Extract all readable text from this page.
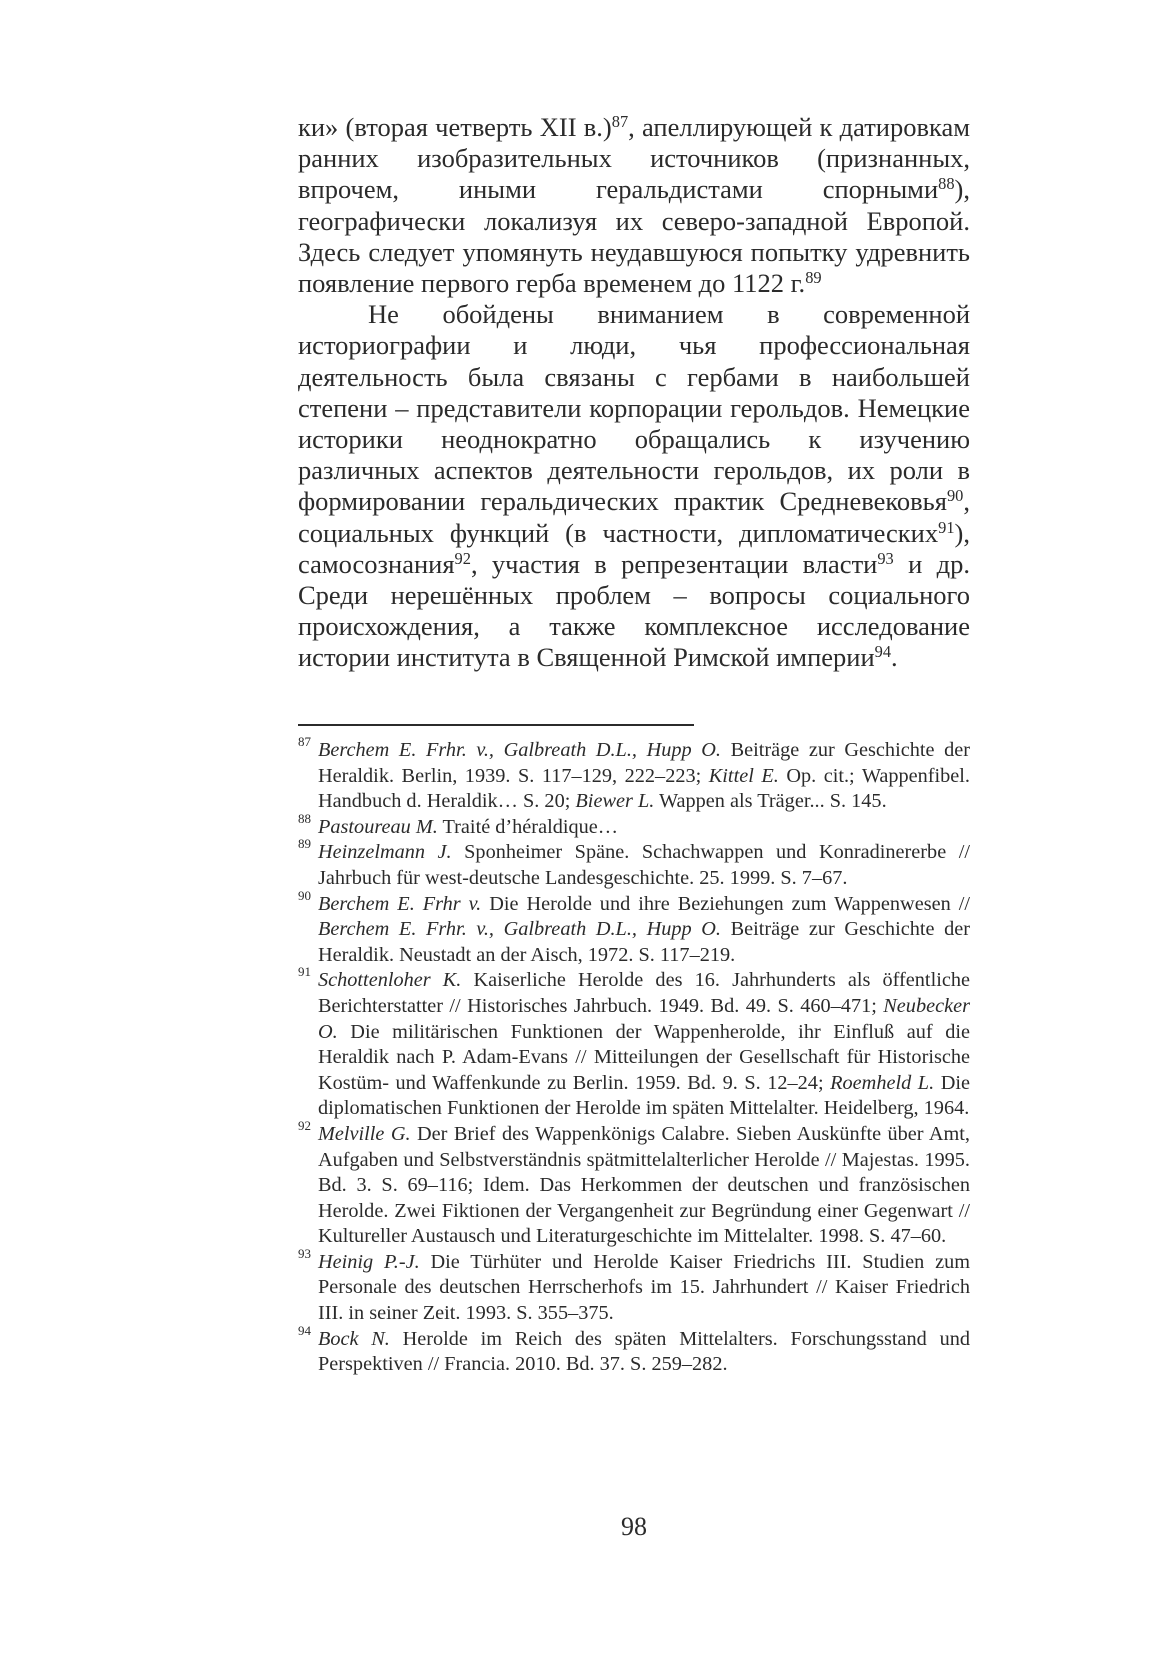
ки» (вторая четверть XII в.)$^{87}$, апеллирующей к датировкам ранних изобразительных источников (признанных, впрочем, иными геральдистами спорными$^{88}$), географически локализуя их северо-западной Европой. Здесь следует упомянуть неудавшуюся попытку удревнить появление первого герба временем до 1122 г.$^{89}$

Не обойдены вниманием в современной историографии и люди, чья профессиональная деятельность была связаны с гербами в наибольшей степени – представители корпорации герольдов. Немецкие историки неоднократно обращались к изучению различных аспектов деятельности герольдов, их роли в формировании геральдических практик Средневековья$^{90}$, социальных функций (в частности, дипломатических$^{91}$), самосознания$^{92}$, участия в репрезентации власти$^{93}$ и др. Среди нерешённых проблем – вопросы социального происхождения, а также комплексное исследование истории института в Священной Римской империи$^{94}$.

87 Berchem E. Frhr. v., Galbreath D.L., Hupp O. Beiträge zur Geschichte der Heraldik. Berlin, 1939. S. 117–129, 222–223; Kittel E. Op. cit.; Wappenfibel. Handbuch d. Heraldik… S. 20; Biewer L. Wappen als Träger... S. 145.
88 Pastoureau M. Traité d’héraldique…
89 Heinzelmann J. Sponheimer Späne. Schachwappen und Konradinererbe // Jahrbuch für west-deutsche Landesgeschichte. 25. 1999. S. 7–67.
90 Berchem E. Frhr v. Die Herolde und ihre Beziehungen zum Wappenwesen // Berchem E. Frhr. v., Galbreath D.L., Hupp O. Beiträge zur Geschichte der Heraldik. Neustadt an der Aisch, 1972. S. 117–219.
91 Schottenloher K. Kaiserliche Herolde des 16. Jahrhunderts als öffentliche Berichterstatter // Historisches Jahrbuch. 1949. Bd. 49. S. 460–471; Neubecker O. Die militärischen Funktionen der Wappenherolde, ihr Einfluß auf die Heraldik nach P. Adam-Evans // Mitteilungen der Gesellschaft für Historische Kostüm- und Waffenkunde zu Berlin. 1959. Bd. 9. S. 12–24; Roemheld L. Die diplomatischen Funktionen der Herolde im späten Mittelalter. Heidelberg, 1964.
92 Melville G. Der Brief des Wappenkönigs Calabre. Sieben Auskünfte über Amt, Aufgaben und Selbstverständnis spätmittelalterlicher Herolde // Majestas. 1995. Bd. 3. S. 69–116; Idem. Das Herkommen der deutschen und französischen Herolde. Zwei Fiktionen der Vergangenheit zur Begründung einer Gegenwart // Kultureller Austausch und Literaturgeschichte im Mittelalter. 1998. S. 47–60.
93 Heinig P.-J. Die Türhüter und Herolde Kaiser Friedrichs III. Studien zum Personale des deutschen Herrscherhofs im 15. Jahrhundert // Kaiser Friedrich III. in seiner Zeit. 1993. S. 355–375.
94 Bock N. Herolde im Reich des späten Mittelalters. Forschungsstand und Perspektiven // Francia. 2010. Bd. 37. S. 259–282.
98
